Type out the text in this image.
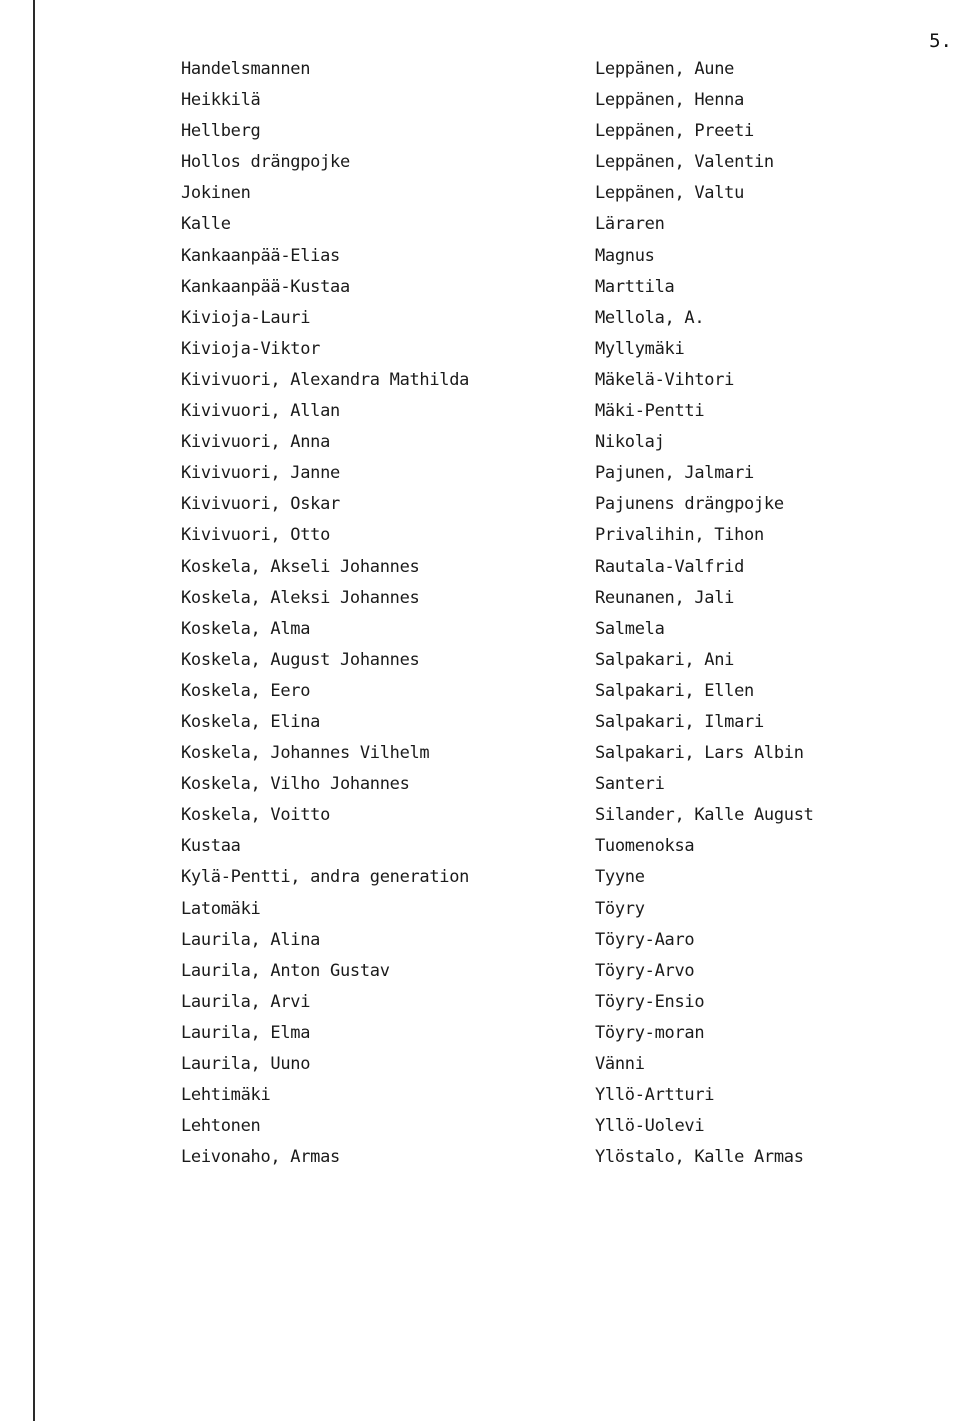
5.
Handelsmannen
Heikkilä
Hellberg
Hollos drängpojke
Jokinen
Kalle
Kankaanpää-Elias
Kankaanpää-Kustaa
Kivioja-Lauri
Kivioja-Viktor
Kivivuori, Alexandra Mathilda
Kivivuori, Allan
Kivivuori, Anna
Kivivuori, Janne
Kivivuori, Oskar
Kivivuori, Otto
Koskela, Akseli Johannes
Koskela, Aleksi Johannes
Koskela, Alma
Koskela, August Johannes
Koskela, Eero
Koskela, Elina
Koskela, Johannes Vilhelm
Koskela, Vilho Johannes
Koskela, Voitto
Kustaa
Kylä-Pentti, andra generation
Latomäki
Laurila, Alina
Laurila, Anton Gustav
Laurila, Arvi
Laurila, Elma
Laurila, Uuno
Lehtimäki
Lehtonen
Leivonaho, Armas
Leppänen, Aune
Leppänen, Henna
Leppänen, Preeti
Leppänen, Valentin
Leppänen, Valtu
Läraren
Magnus
Marttila
Mellola, A.
Myllymäki
Mäkelä-Vihtori
Mäki-Pentti
Nikolaj
Pajunen, Jalmari
Pajunens drängpojke
Privalihin, Tihon
Rautala-Valfrid
Reunanen, Jali
Salmela
Salpakari, Ani
Salpakari, Ellen
Salpakari, Ilmari
Salpakari, Lars Albin
Santeri
Silander, Kalle August
Tuomenoksa
Tyyne
Töyry
Töyry-Aaro
Töyry-Arvo
Töyry-Ensio
Töyry-moran
Vänni
Yllö-Artturi
Yllö-Uolevi
Ylöstalo, Kalle Armas
